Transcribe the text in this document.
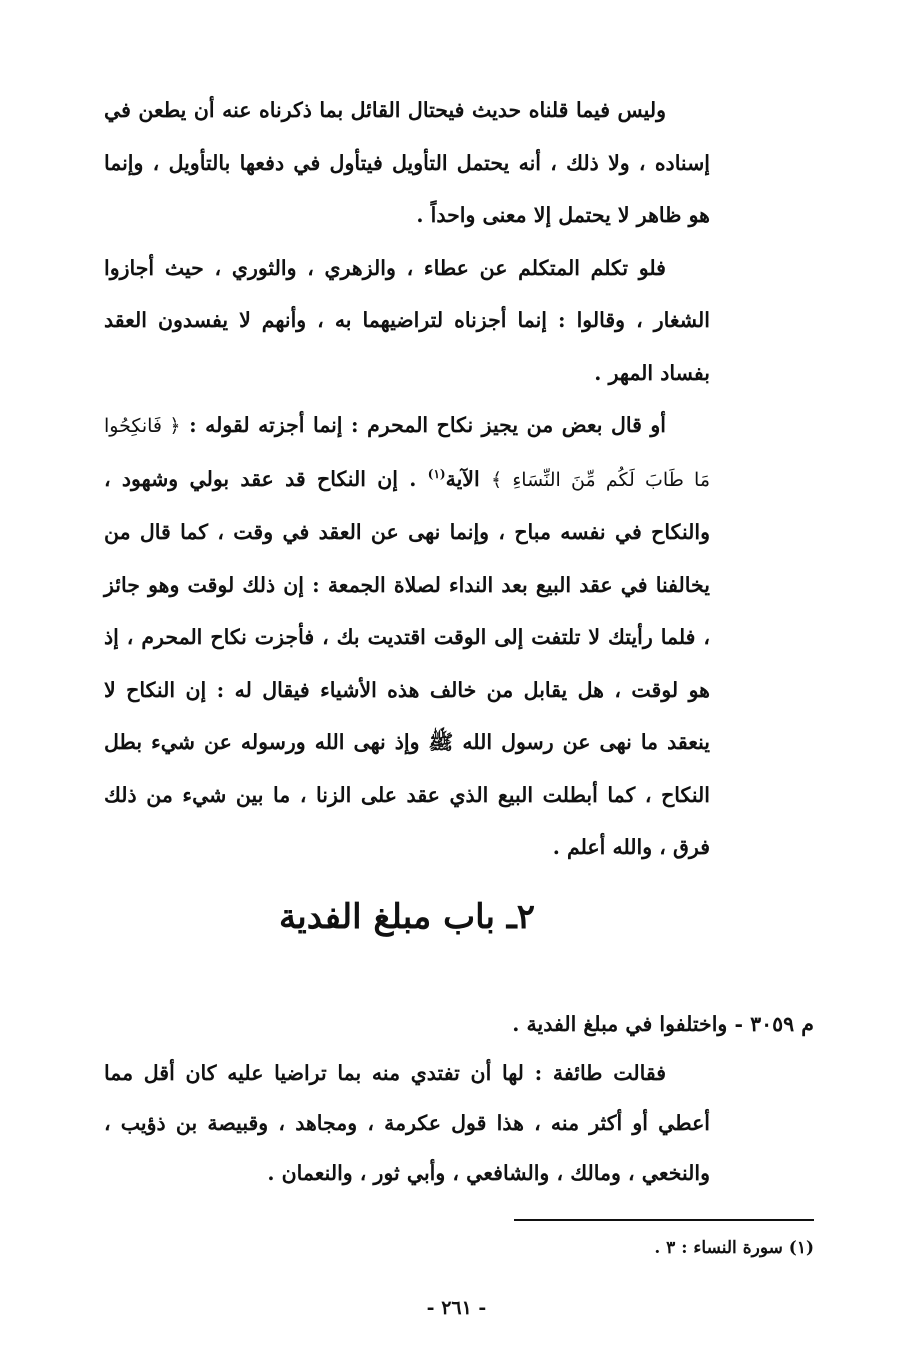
وليس فيما قلناه حديث فيحتال القائل بما ذكرناه عنه أن يطعن في إسناده ، ولا ذلك ، أنه يحتمل التأويل فيتأول في دفعها بالتأويل ، وإنما هو ظاهر لا يحتمل إلا معنى واحداً .

فلو تكلم المتكلم عن عطاء ، والزهري ، والثوري ، حيث أجازوا الشغار ، وقالوا : إنما أجزناه لتراضيهما به ، وأنهم لا يفسدون العقد بفساد المهر .

أو قال بعض من يجيز نكاح المحرم : إنما أجزته لقوله : ﴿ فَانكِحُوا مَا طَابَ لَكُم مِّنَ النِّسَاءِ ﴾ الآية$^{(١)}$ . إن النكاح قد عقد بولي وشهود ، والنكاح في نفسه مباح ، وإنما نهى عن العقد في وقت ، كما قال من يخالفنا في عقد البيع بعد النداء لصلاة الجمعة : إن ذلك لوقت وهو جائز ، فلما رأيتك لا تلتفت إلى الوقت اقتديت بك ، فأجزت نكاح المحرم ، إذ هو لوقت ، هل يقابل من خالف هذه الأشياء فيقال له : إن النكاح لا ينعقد ما نهى عن رسول الله ﷺ وإذ نهى الله ورسوله عن شيء بطل النكاح ، كما أبطلت البيع الذي عقد على الزنا ، ما بين شيء من ذلك فرق ، والله أعلم .

٢ـ باب مبلغ الفدية
م ٣٠٥٩ - واختلفوا في مبلغ الفدية .

فقالت طائفة : لها أن تفتدي منه بما تراضيا عليه كان أقل مما أعطي أو أكثر منه ، هذا قول عكرمة ، ومجاهد ، وقبيصة بن ذؤيب ، والنخعي ، ومالك ، والشافعي ، وأبي ثور ، والنعمان .

(١) سورة النساء : ٣ .
- ٢٦١ -
